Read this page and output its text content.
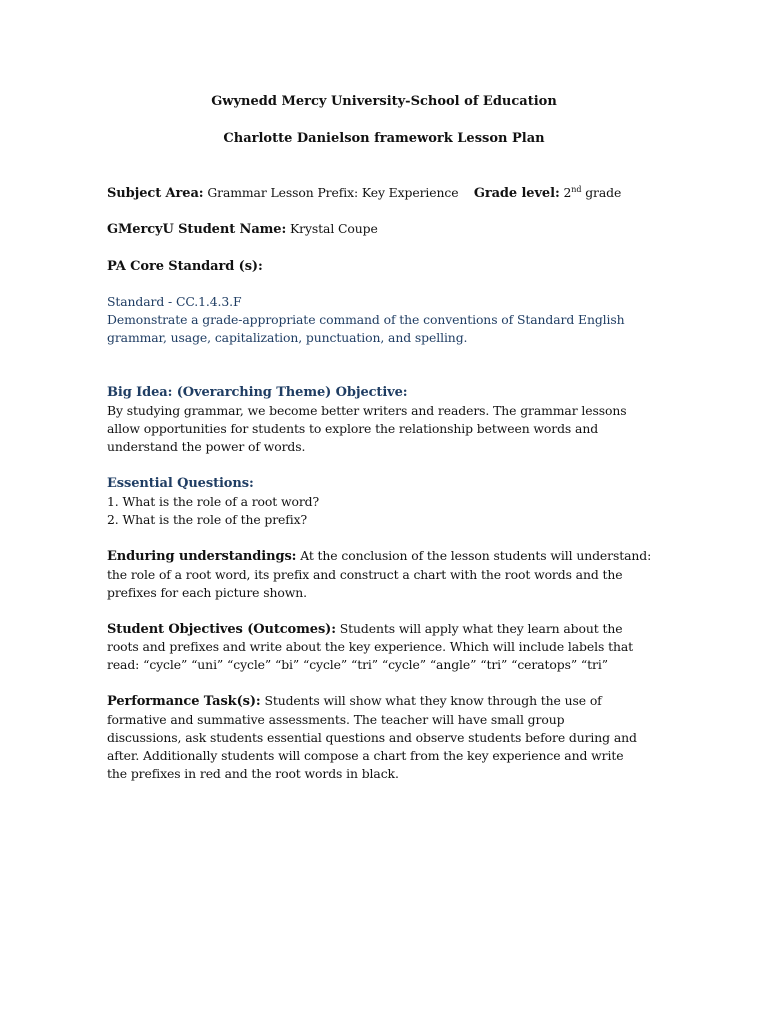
Gwynedd Mercy University-School of Education
Charlotte Danielson framework Lesson Plan
Subject Area: Grammar Lesson Prefix: Key Experience Grade level: 2nd grade
GMercyU Student Name: Krystal Coupe
PA Core Standard (s):
Standard - CC.1.4.3.F
Demonstrate a grade-appropriate command of the conventions of Standard English
grammar, usage, capitalization, punctuation, and spelling.
Big Idea: (Overarching Theme) Objective:
By studying grammar, we become better writers and readers. The grammar lessons
allow opportunities for students to explore the relationship between words and
understand the power of words.
Essential Questions:
1. What is the role of a root word?
2. What is the role of the prefix?
Enduring understandings: At the conclusion of the lesson students will understand:
the role of a root word, its prefix and construct a chart with the root words and the
prefixes for each picture shown.
Student Objectives (Outcomes): Students will apply what they learn about the
roots and prefixes and write about the key experience. Which will include labels that
read: “cycle” “uni” “cycle” “bi” “cycle” “tri” “cycle” “angle” “tri” “ceratops” “tri”
Performance Task(s): Students will show what they know through the use of
formative and summative assessments. The teacher will have small group
discussions, ask students essential questions and observe students before during and
after. Additionally students will compose a chart from the key experience and write
the prefixes in red and the root words in black.
